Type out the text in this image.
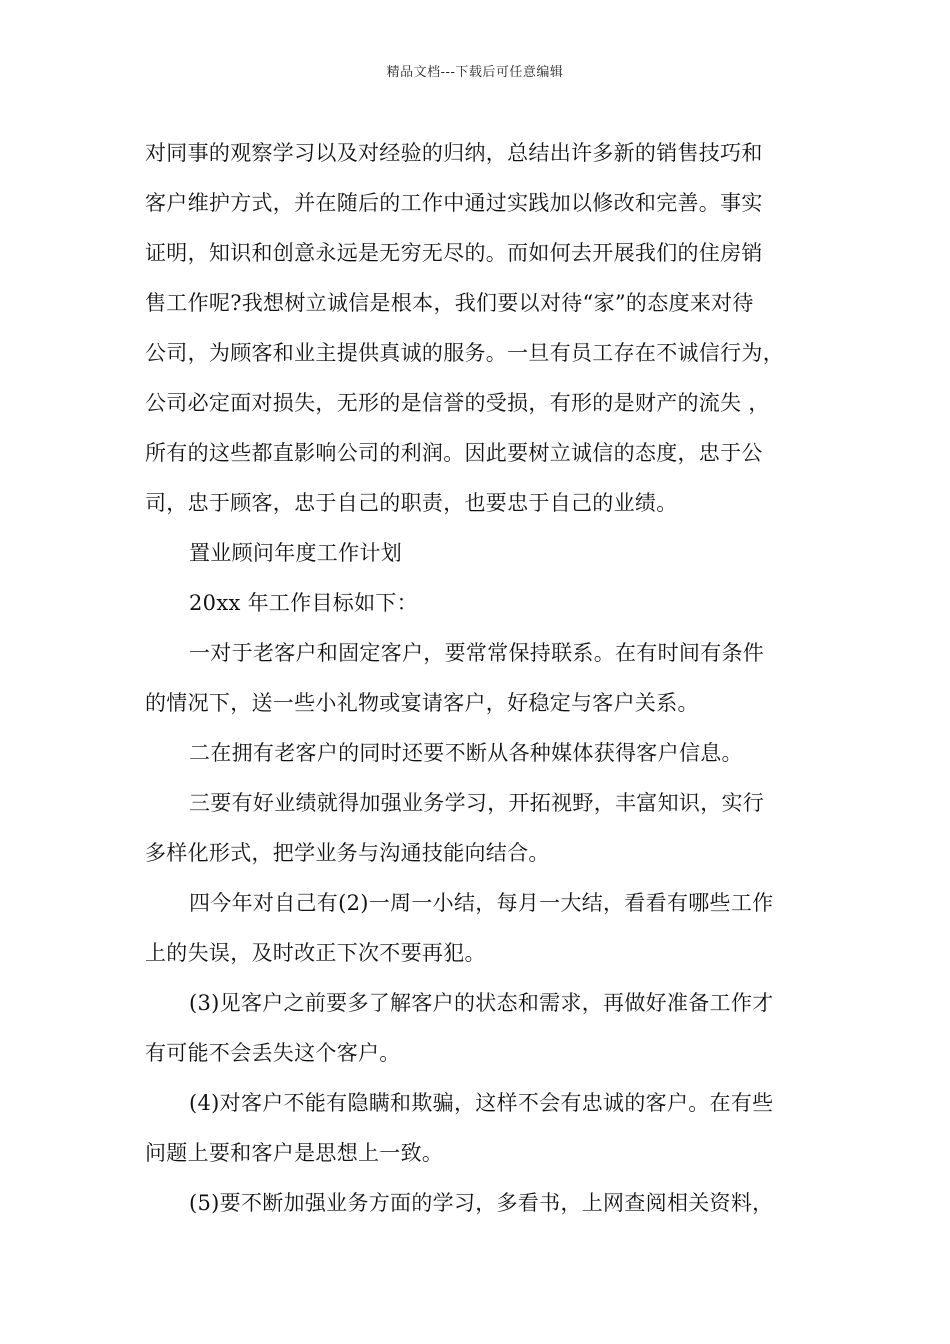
精品文档---下载后可任意编辑
对同事的观察学习以及对经验的归纳，总结出许多新的销售技巧和
客户维护方式，并在随后的工作中通过实践加以修改和完善。事实
证明，知识和创意永远是无穷无尽的。而如何去开展我们的住房销
售工作呢?我想树立诚信是根本，我们要以对待“家”的态度来对待
公司，为顾客和业主提供真诚的服务。一旦有员工存在不诚信行为，
公司必定面对损失，无形的是信誉的受损，有形的是财产的流失 ，
所有的这些都直影响公司的利润。因此要树立诚信的态度，忠于公
司，忠于顾客，忠于自己的职责，也要忠于自己的业绩。
置业顾问年度工作计划
20xx 年工作目标如下：
一对于老客户和固定客户，要常常保持联系。在有时间有条件
的情况下，送一些小礼物或宴请客户，好稳定与客户关系。
二在拥有老客户的同时还要不断从各种媒体获得客户信息。
三要有好业绩就得加强业务学习，开拓视野，丰富知识，实行
多样化形式，把学业务与沟通技能向结合。
四今年对自己有(2)一周一小结，每月一大结，看看有哪些工作
上的失误，及时改正下次不要再犯。
(3)见客户之前要多了解客户的状态和需求，再做好准备工作才
有可能不会丢失这个客户。
(4)对客户不能有隐瞒和欺骗，这样不会有忠诚的客户。在有些
问题上要和客户是思想上一致。
(5)要不断加强业务方面的学习，多看书，上网查阅相关资料，
